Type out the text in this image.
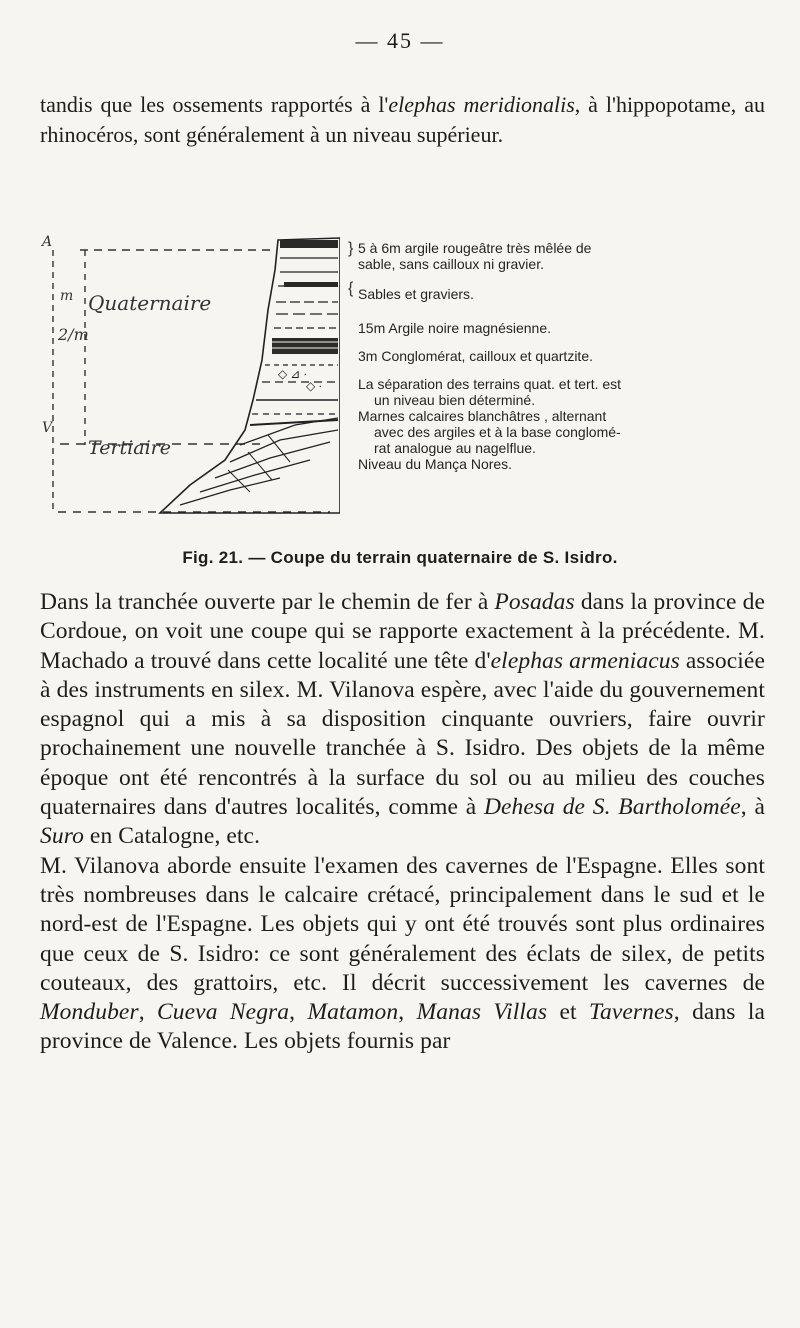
— 45 —

tandis que les ossements rapportés à l'elephas meridionalis, à l'hippopotame, au rhinocéros, sont généralement à un niveau supérieur.

◇ ⊿ ·
◇ ·
Quaternaire
Tertiaire
A
m
2/m
V
} 5 à 6m argile rougeâtre très mêlée de
sable, sans cailloux ni gravier.
{ Sables et graviers.
15m Argile noire magnésienne.
3m Conglomérat, cailloux et quartzite.
La séparation des terrains quat. et tert. est
un niveau bien déterminé.
Marnes calcaires blanchâtres , alternant
avec des argiles et à la base conglomé-
rat analogue au nagelflue.
Niveau du Mança Nores.
Fig. 21. — Coupe du terrain quaternaire de S. Isidro.

Dans la tranchée ouverte par le chemin de fer à Posadas dans la province de Cordoue, on voit une coupe qui se rapporte exactement à la précédente. M. Machado a trouvé dans cette localité une tête d'elephas armeniacus associée à des instruments en silex. M. Vilanova espère, avec l'aide du gouvernement espagnol qui a mis à sa disposition cinquante ouvriers, faire ouvrir prochainement une nouvelle tranchée à S. Isidro. Des objets de la même époque ont été rencontrés à la surface du sol ou au milieu des couches quaternaires dans d'autres localités, comme à Dehesa de S. Bartholomée, à Suro en Catalogne, etc.

M. Vilanova aborde ensuite l'examen des cavernes de l'Espagne. Elles sont très nombreuses dans le calcaire crétacé, principalement dans le sud et le nord-est de l'Espagne. Les objets qui y ont été trouvés sont plus ordinaires que ceux de S. Isidro: ce sont généralement des éclats de silex, de petits couteaux, des grattoirs, etc. Il décrit successivement les cavernes de Monduber, Cueva Negra, Matamon, Manas Villas et Tavernes, dans la province de Valence. Les objets fournis par
